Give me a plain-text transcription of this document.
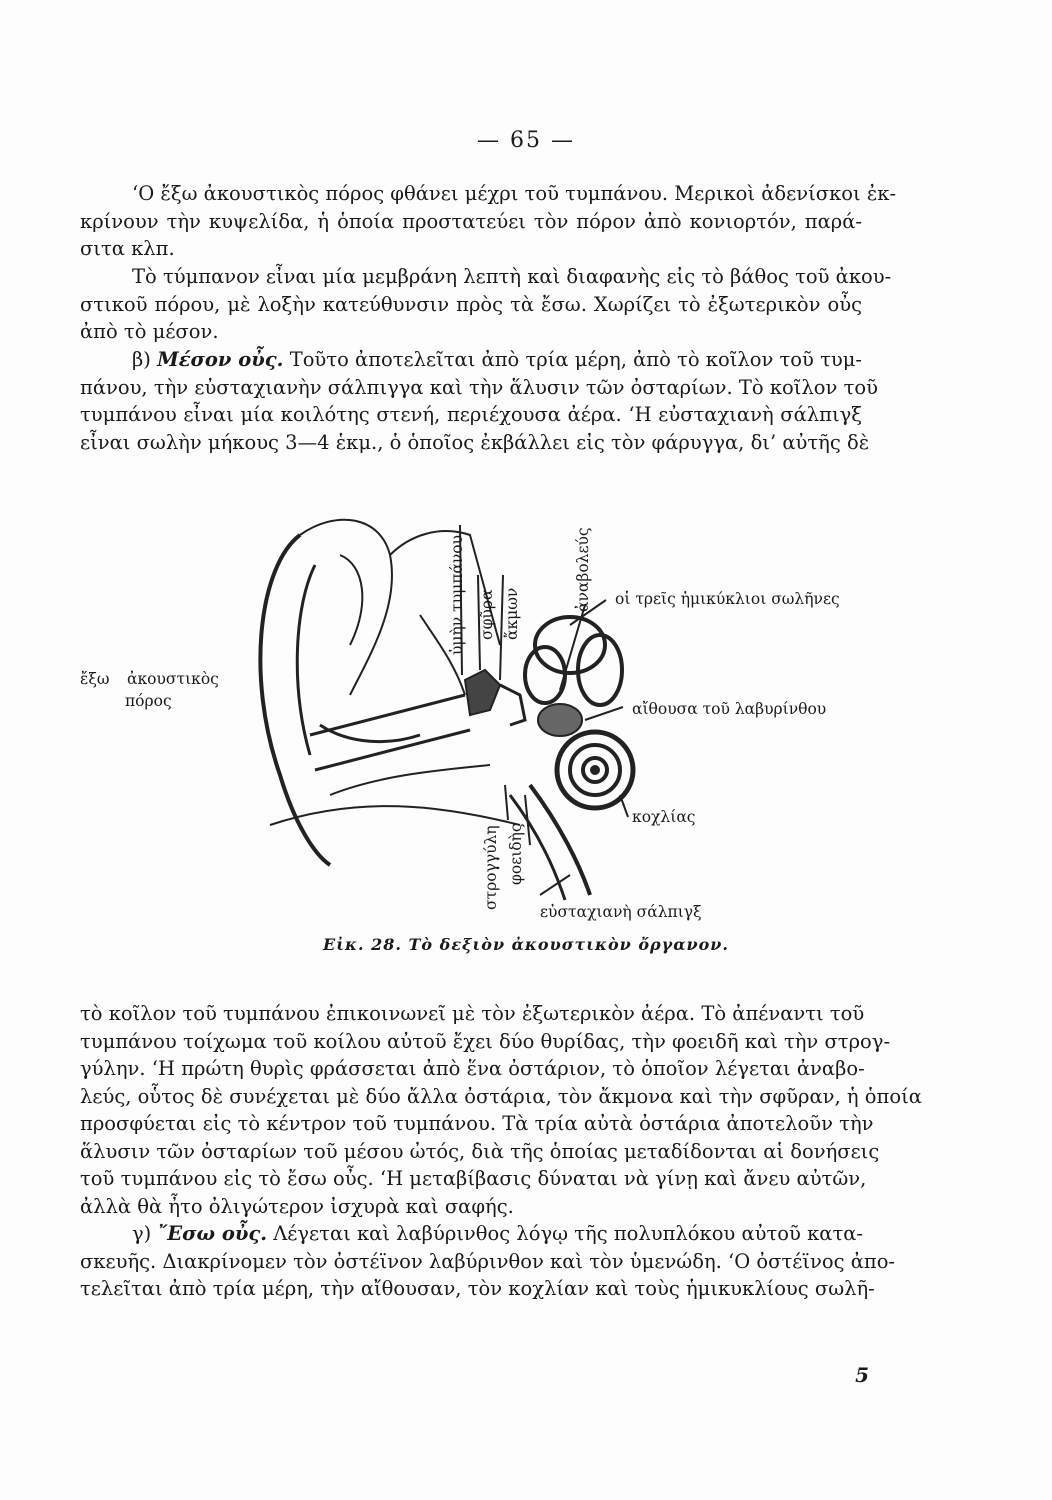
— 65 —
‘Ο ἔξω ἀκουστικὸς πόρος φθάνει μέχρι τοῦ τυμπάνου. Μερικοὶ ἀδενίσκοι ἐκ-
κρίνουν τὴν κυψελίδα, ἡ ὁποία προστατεύει τὸν πόρον ἀπὸ κονιορτόν, παρά-
σιτα κλπ.
Τὸ τύμπανον εἶναι μία μεμβράνη λεπτὴ καὶ διαφανὴς εἰς τὸ βάθος τοῦ ἀκου-
στικοῦ πόρου, μὲ λοξὴν κατεύθυνσιν πρὸς τὰ ἔσω. Χωρίζει τὸ ἐξωτερικὸν οὖς
ἀπὸ τὸ μέσον.
β) Μέσον οὖς. Τοῦτο ἀποτελεῖται ἀπὸ τρία μέρη, ἀπὸ τὸ κοῖλον τοῦ τυμ-
πάνου, τὴν εὐσταχιανὴν σάλπιγγα καὶ τὴν ἅλυσιν τῶν ὀσταρίων. Τὸ κοῖλον τοῦ
τυμπάνου εἶναι μία κοιλότης στενή, περιέχουσα ἀέρα. ‘Η εὐσταχιανὴ σάλπιγξ
εἶναι σωλὴν μήκους 3—4 ἑκμ., ὁ ὁποῖος ἐκβάλλει εἰς τὸν φάρυγγα, δι’ αὐτῆς δὲ
ὑμὴν τυμπάνου σφῦρα ἄκμων
ἀναβολεύς
στρογγύλη φοειδὴς
οἱ τρεῖς ἡμικύκλιοι σωλῆνες
ἔξω ἀκουστικὸς
πόρος	αἴθουσα τοῦ λαβυρίνθου
κοχλίας
εὐσταχιανὴ σάλπιγξ
Εἰκ. 28. Τὸ δεξιὸν ἀκουστικὸν ὄργανον.
τὸ κοῖλον τοῦ τυμπάνου ἐπικοινωνεῖ μὲ τὸν ἐξωτερικὸν ἀέρα. Τὸ ἀπέναντι τοῦ
τυμπάνου τοίχωμα τοῦ κοίλου αὐτοῦ ἔχει δύο θυρίδας, τὴν φοειδῆ καὶ τὴν στρογ-
γύλην. ‘Η πρώτη θυρὶς φράσσεται ἀπὸ ἕνα ὀστάριον, τὸ ὁποῖον λέγεται ἀναβο-
λεύς, οὗτος δὲ συνέχεται μὲ δύο ἄλλα ὀστάρια, τὸν ἄκμονα καὶ τὴν σφῦραν, ἡ ὁποία
προσφύεται εἰς τὸ κέντρον τοῦ τυμπάνου. Τὰ τρία αὐτὰ ὀστάρια ἀποτελοῦν τὴν
ἅλυσιν τῶν ὀσταρίων τοῦ μέσου ὠτός, διὰ τῆς ὁποίας μεταδίδονται αἱ δονήσεις
τοῦ τυμπάνου εἰς τὸ ἔσω οὖς. ‘Η μεταβίβασις δύναται νὰ γίνῃ καὶ ἄνευ αὐτῶν,
ἀλλὰ θὰ ἦτο ὀλιγώτερον ἰσχυρὰ καὶ σαφής.
γ) ῎Εσω οὖς. Λέγεται καὶ λαβύρινθος λόγῳ τῆς πολυπλόκου αὐτοῦ κατα-
σκευῆς. Διακρίνομεν τὸν ὀστέϊνον λαβύρινθον καὶ τὸν ὑμενώδη. ‘Ο ὀστέϊνος ἀπο-
τελεῖται ἀπὸ τρία μέρη, τὴν αἴθουσαν, τὸν κοχλίαν καὶ τοὺς ἡμικυκλίους σωλῆ-
5
